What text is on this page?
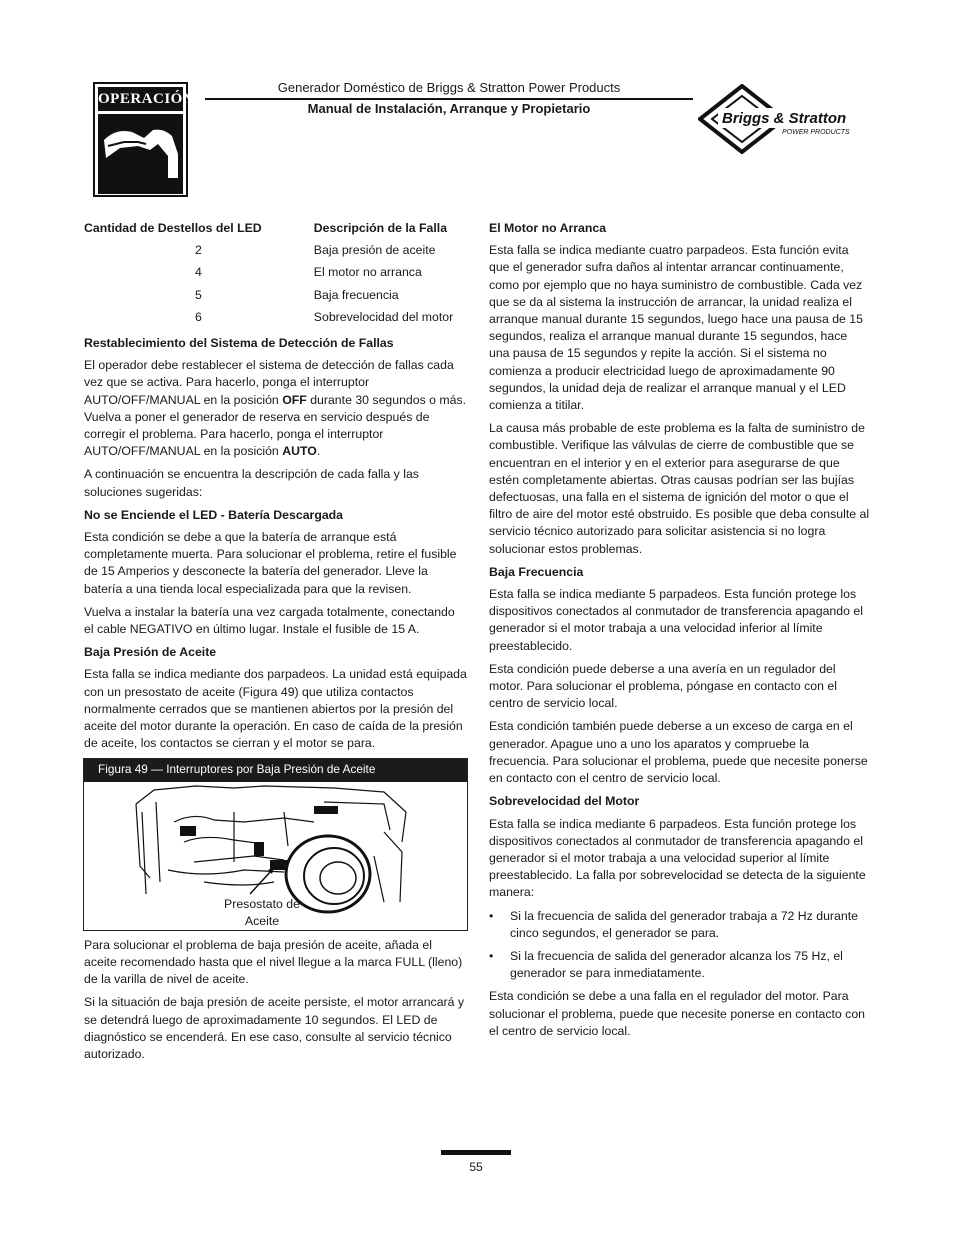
OPERACIÓN
Generador Doméstico de Briggs & Stratton Power Products
Manual de Instalación, Arranque y Propietario
Briggs & Stratton
POWER PRODUCTS
Cantidad de Destellos del LED	Descripción de la Falla
2	Baja presión de aceite
4	El motor no arranca
5	Baja frecuencia
6	Sobrevelocidad del motor
Restablecimiento del Sistema de Detección de Fallas

El operador debe restablecer el sistema de detección de fallas cada vez que se activa. Para hacerlo, ponga el interruptor AUTO/OFF/MANUAL en la posición OFF durante 30 segundos o más. Vuelva a poner el generador de reserva en servicio después de corregir el problema. Para hacerlo, ponga el interruptor AUTO/OFF/MANUAL en la posición AUTO.

A continuación se encuentra la descripción de cada falla y las soluciones sugeridas:

No se Enciende el LED - Batería Descargada

Esta condición se debe a que la batería de arranque está completamente muerta. Para solucionar el problema, retire el fusible de 15 Amperios y desconecte la batería del generador. Lleve la batería a una tienda local especializada para que la revisen.

Vuelva a instalar la batería una vez cargada totalmente, conectando el cable NEGATIVO en último lugar. Instale el fusible de 15 A.

Baja Presión de Aceite

Esta falla se indica mediante dos parpadeos. La unidad está equipada con un presostato de aceite (Figura 49) que utiliza contactos normalmente cerrados que se mantienen abiertos por la presión del aceite del motor durante la operación. En caso de caída de la presión de aceite, los contactos se cierran y el motor se para.

Figura 49 — Interruptores por Baja Presión de Aceite
Presostato de
Aceite

Para solucionar el problema de baja presión de aceite, añada el aceite recomendado hasta que el nivel llegue a la marca FULL (lleno) de la varilla de nivel de aceite.

Si la situación de baja presión de aceite persiste, el motor arrancará y se detendrá luego de aproximadamente 10 segundos. El LED de diagnóstico se encenderá. En ese caso, consulte al servicio técnico autorizado.

El Motor no Arranca

Esta falla se indica mediante cuatro parpadeos. Esta función evita que el generador sufra daños al intentar arrancar continuamente, como por ejemplo que no haya suministro de combustible. Cada vez que se da al sistema la instrucción de arrancar, la unidad realiza el arranque manual durante 15 segundos, luego hace una pausa de 15 segundos, realiza el arranque manual durante 15 segundos, hace una pausa de 15 segundos y repite la acción. Si el sistema no comienza a producir electricidad luego de aproximadamente 90 segundos, la unidad deja de realizar el arranque manual y el LED comienza a titilar.

La causa más probable de este problema es la falta de suministro de combustible. Verifique las válvulas de cierre de combustible que se encuentran en el interior y en el exterior para asegurarse de que estén completamente abiertas. Otras causas podrían ser las bujías defectuosas, una falla en el sistema de ignición del motor o que el filtro de aire del motor esté obstruido. Es posible que deba consulte al servicio técnico autorizado para solicitar asistencia si no logra solucionar estos problemas.

Baja Frecuencia

Esta falla se indica mediante 5 parpadeos. Esta función protege los dispositivos conectados al conmutador de transferencia apagando el generador si el motor trabaja a una velocidad inferior al límite preestablecido.

Esta condición puede deberse a una avería en un regulador del motor. Para solucionar el problema, póngase en contacto con el centro de servicio local.

Esta condición también puede deberse a un exceso de carga en el generador. Apague uno a uno los aparatos y compruebe la frecuencia. Para solucionar el problema, puede que necesite ponerse en contacto con el centro de servicio local.

Sobrevelocidad del Motor

Esta falla se indica mediante 6 parpadeos. Esta función protege los dispositivos conectados al conmutador de transferencia apagando el generador si el motor trabaja a una velocidad superior al límite preestablecido. La falla por sobrevelocidad se detecta de la siguiente manera:

• Si la frecuencia de salida del generador trabaja a 72 Hz durante cinco segundos, el generador se para.
• Si la frecuencia de salida del generador alcanza los 75 Hz, el generador se para inmediatamente.

Esta condición se debe a una falla en el regulador del motor. Para solucionar el problema, puede que necesite ponerse en contacto con el centro de servicio local.

55
